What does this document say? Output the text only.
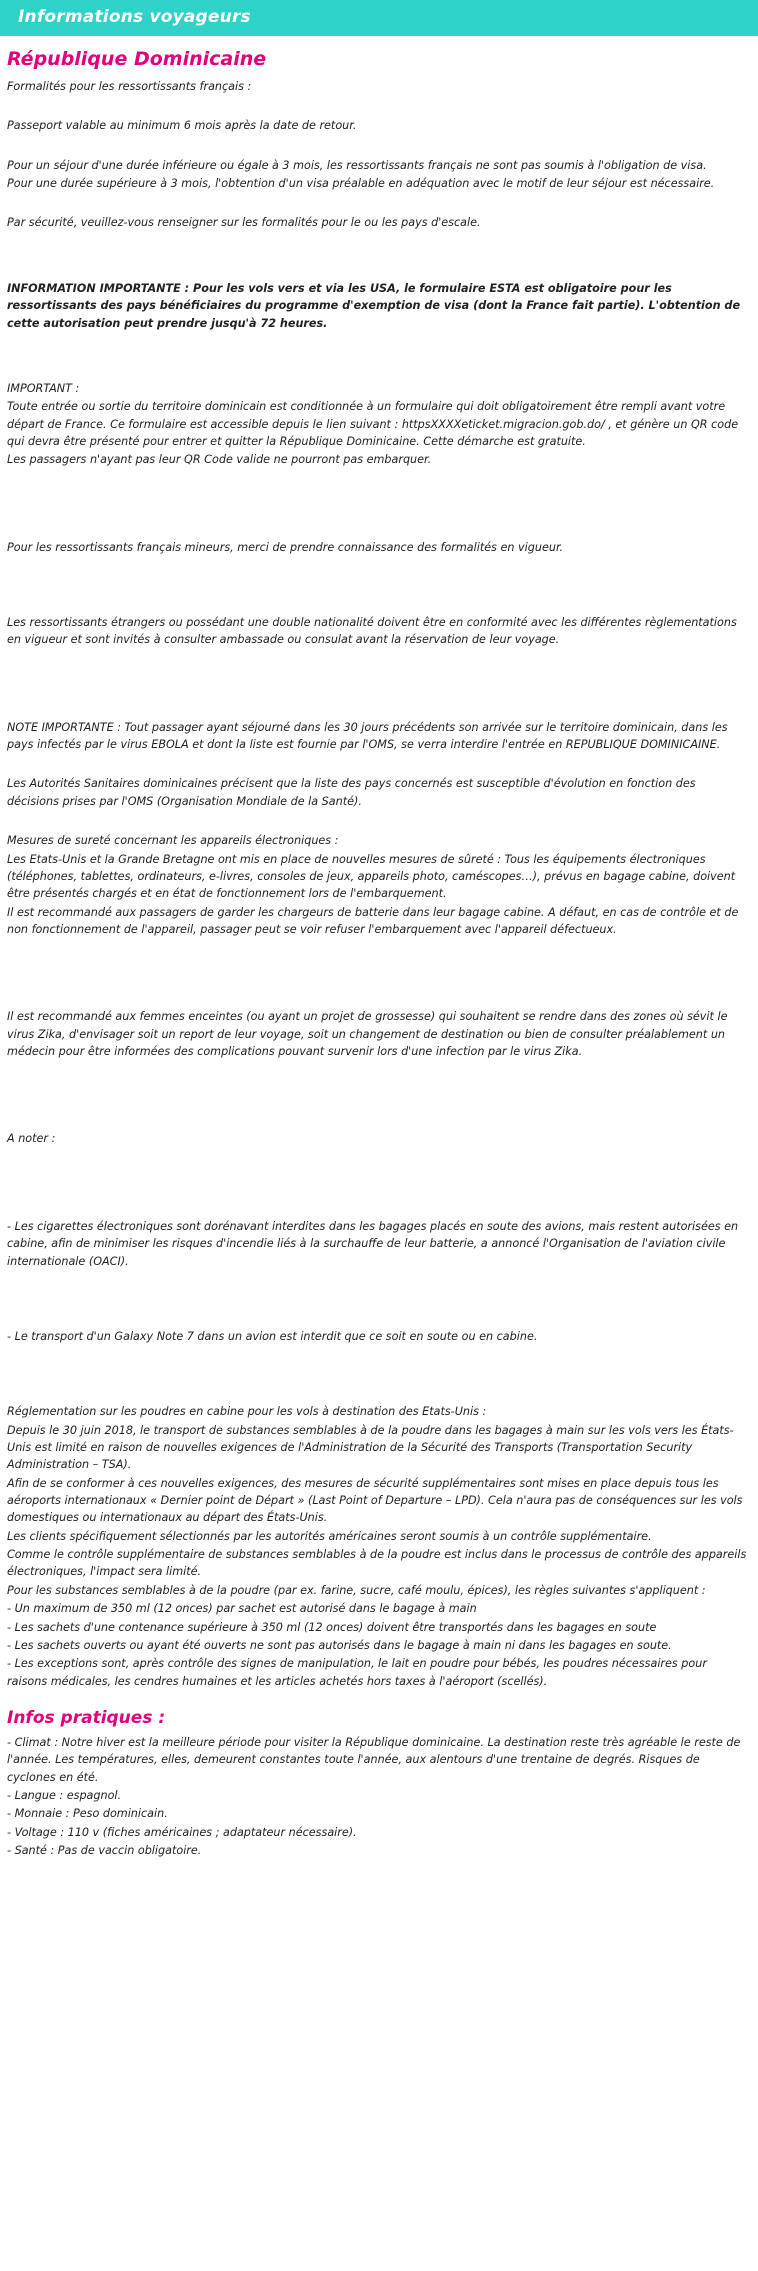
Informations voyageurs
République Dominicaine

Formalités pour les ressortissants français :

Passeport valable au minimum 6 mois après la date de retour.

Pour un séjour d'une durée inférieure ou égale à 3 mois, les ressortissants français ne sont pas soumis à l'obligation de visa.

Pour une durée supérieure à 3 mois, l'obtention d'un visa préalable en adéquation avec le motif de leur séjour est nécessaire.

Par sécurité, veuillez-vous renseigner sur les formalités pour le ou les pays d'escale.

INFORMATION IMPORTANTE : Pour les vols vers et via les USA, le formulaire ESTA est obligatoire pour les ressortissants des pays bénéficiaires du programme d'exemption de visa (dont la France fait partie). L'obtention de cette autorisation peut prendre jusqu'à 72 heures.

IMPORTANT :

Toute entrée ou sortie du territoire dominicain est conditionnée à un formulaire qui doit obligatoirement être rempli avant votre départ de France. Ce formulaire est accessible depuis le lien suivant : httpsXXXXeticket.migracion.gob.do/ , et génère un QR code qui devra être présenté pour entrer et quitter la République Dominicaine. Cette démarche est gratuite.

Les passagers n'ayant pas leur QR Code valide ne pourront pas embarquer.

Pour les ressortissants français mineurs, merci de prendre connaissance des formalités en vigueur.

Les ressortissants étrangers ou possédant une double nationalité doivent être en conformité avec les différentes règlementations en vigueur et sont invités à consulter ambassade ou consulat avant la réservation de leur voyage.

NOTE IMPORTANTE : Tout passager ayant séjourné dans les 30 jours précédents son arrivée sur le territoire dominicain, dans les pays infectés par le virus EBOLA et dont la liste est fournie par l'OMS, se verra interdire l'entrée en REPUBLIQUE DOMINICAINE.

Les Autorités Sanitaires dominicaines précisent que la liste des pays concernés est susceptible d'évolution en fonction des décisions prises par l'OMS (Organisation Mondiale de la Santé).

Mesures de sureté concernant les appareils électroniques :

Les Etats-Unis et la Grande Bretagne ont mis en place de nouvelles mesures de sûreté : Tous les équipements électroniques (téléphones, tablettes, ordinateurs, e-livres, consoles de jeux, appareils photo, caméscopes…), prévus en bagage cabine, doivent être présentés chargés et en état de fonctionnement lors de l'embarquement.

Il est recommandé aux passagers de garder les chargeurs de batterie dans leur bagage cabine. A défaut, en cas de contrôle et de non fonctionnement de l'appareil, passager peut se voir refuser l'embarquement avec l'appareil défectueux.

Il est recommandé aux femmes enceintes (ou ayant un projet de grossesse) qui souhaitent se rendre dans des zones où sévit le virus Zika, d'envisager soit un report de leur voyage, soit un changement de destination ou bien de consulter préalablement un médecin pour être informées des complications pouvant survenir lors d'une infection par le virus Zika.

A noter :

- Les cigarettes électroniques sont dorénavant interdites dans les bagages placés en soute des avions, mais restent autorisées en cabine, afin de minimiser les risques d'incendie liés à la surchauffe de leur batterie, a annoncé l'Organisation de l'aviation civile internationale (OACI).

- Le transport d'un Galaxy Note 7 dans un avion est interdit que ce soit en soute ou en cabine.

Réglementation sur les poudres en cabine pour les vols à destination des Etats-Unis :

Depuis le 30 juin 2018, le transport de substances semblables à de la poudre dans les bagages à main sur les vols vers les États-Unis est limité en raison de nouvelles exigences de l'Administration de la Sécurité des Transports (Transportation Security Administration – TSA).

Afin de se conformer à ces nouvelles exigences, des mesures de sécurité supplémentaires sont mises en place depuis tous les aéroports internationaux « Dernier point de Départ » (Last Point of Departure – LPD). Cela n'aura pas de conséquences sur les vols domestiques ou internationaux au départ des États-Unis.

Les clients spécifiquement sélectionnés par les autorités américaines seront soumis à un contrôle supplémentaire.

Comme le contrôle supplémentaire de substances semblables à de la poudre est inclus dans le processus de contrôle des appareils électroniques, l'impact sera limité.

Pour les substances semblables à de la poudre (par ex. farine, sucre, café moulu, épices), les règles suivantes s'appliquent :

- Un maximum de 350 ml (12 onces) par sachet est autorisé dans le bagage à main

- Les sachets d'une contenance supérieure à 350 ml (12 onces) doivent être transportés dans les bagages en soute

- Les sachets ouverts ou ayant été ouverts ne sont pas autorisés dans le bagage à main ni dans les bagages en soute.

- Les exceptions sont, après contrôle des signes de manipulation, le lait en poudre pour bébés, les poudres nécessaires pour raisons médicales, les cendres humaines et les articles achetés hors taxes à l'aéroport (scellés).

Infos pratiques :

- Climat : Notre hiver est la meilleure période pour visiter la République dominicaine. La destination reste très agréable le reste de l'année. Les températures, elles, demeurent constantes toute l'année, aux alentours d'une trentaine de degrés. Risques de cyclones en été.

- Langue : espagnol.

- Monnaie : Peso dominicain.

- Voltage : 110 v (fiches américaines ; adaptateur nécessaire).

- Santé : Pas de vaccin obligatoire.
